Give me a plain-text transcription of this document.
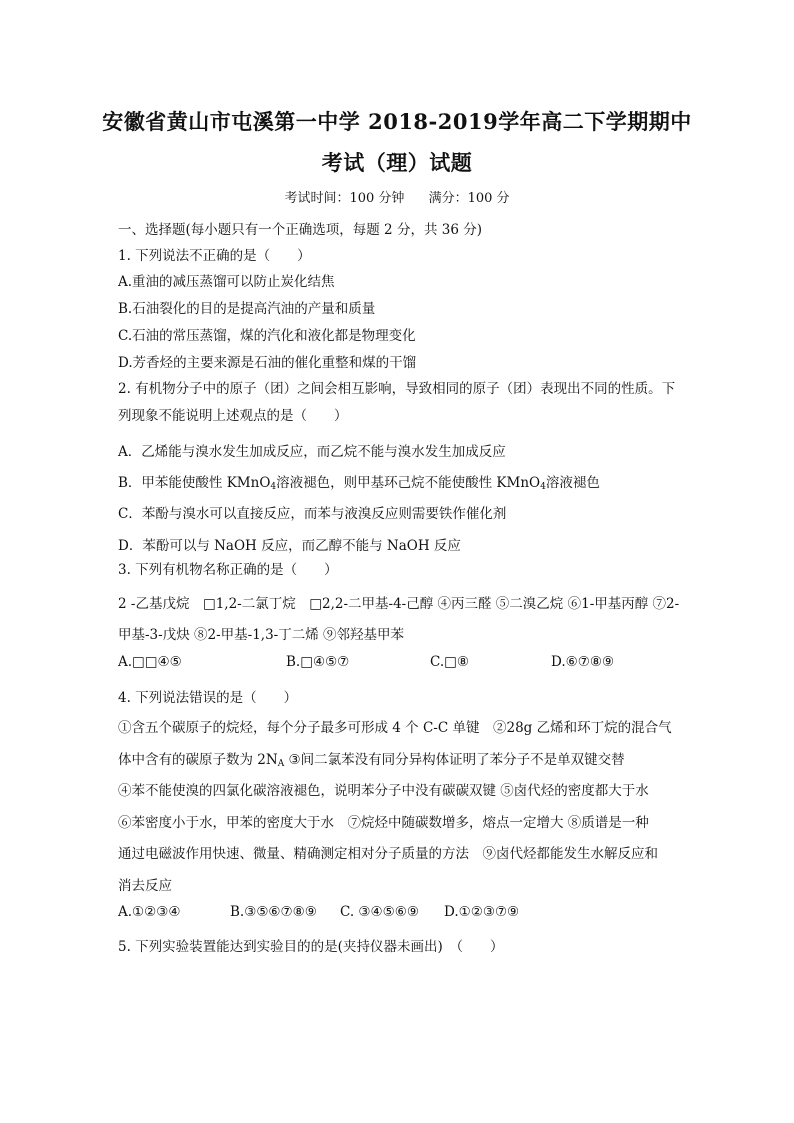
安徽省黄山市屯溪第一中学 2018-2019学年高二下学期期中
考试（理）试题
考试时间：100 分钟 满分：100 分
一、选择题(每小题只有一个正确选项，每题 2 分，共 36 分)
1. 下列说法不正确的是（　　）
A.重油的减压蒸馏可以防止炭化结焦
B.石油裂化的目的是提高汽油的产量和质量
C.石油的常压蒸馏，煤的汽化和液化都是物理变化
D.芳香烃的主要来源是石油的催化重整和煤的干馏
2. 有机物分子中的原子（团）之间会相互影响，导致相同的原子（团）表现出不同的性质。下
列现象不能说明上述观点的是（　　）
A．乙烯能与溴水发生加成反应，而乙烷不能与溴水发生加成反应
B．甲苯能使酸性 KMnO$_4$溶液褪色，则甲基环己烷不能使酸性 KMnO$_4$溶液褪色
C．苯酚与溴水可以直接反应，而苯与液溴反应则需要铁作催化剂
D．苯酚可以与 NaOH 反应，而乙醇不能与 NaOH 反应
3. 下列有机物名称正确的是（　　）
2 -乙基戊烷　□1,2-二氯丁烷　□2,2-二甲基-4-己醇 ④丙三醛 ⑤二溴乙烷 ⑥1-甲基丙醇 ⑦2-
甲基-3-戊炔 ⑧2-甲基-1,3-丁二烯 ⑨邻羟基甲苯
A.□□④⑤	B.□④⑤⑦	C.□⑧	D.⑥⑦⑧⑨
4. 下列说法错误的是（　　）
①含五个碳原子的烷烃，每个分子最多可形成 4 个 C-C 单键　②28g 乙烯和环丁烷的混合气
体中含有的碳原子数为 $2N_A$ ③间二氯苯没有同分异构体证明了苯分子不是单双键交替
④苯不能使溴的四氯化碳溶液褪色，说明苯分子中没有碳碳双键 ⑤卤代烃的密度都大于水
⑥苯密度小于水，甲苯的密度大于水　⑦烷烃中随碳数增多，熔点一定增大 ⑧质谱是一种
通过电磁波作用快速、微量、精确测定相对分子质量的方法　⑨卤代烃都能发生水解反应和
消去反应
A.①②③④	B.③⑤⑥⑦⑧⑨ C. ③④⑤⑥⑨ D.①②③⑦⑨
5. 下列实验装置能达到实验目的的是(夹持仪器未画出)　（　　）
